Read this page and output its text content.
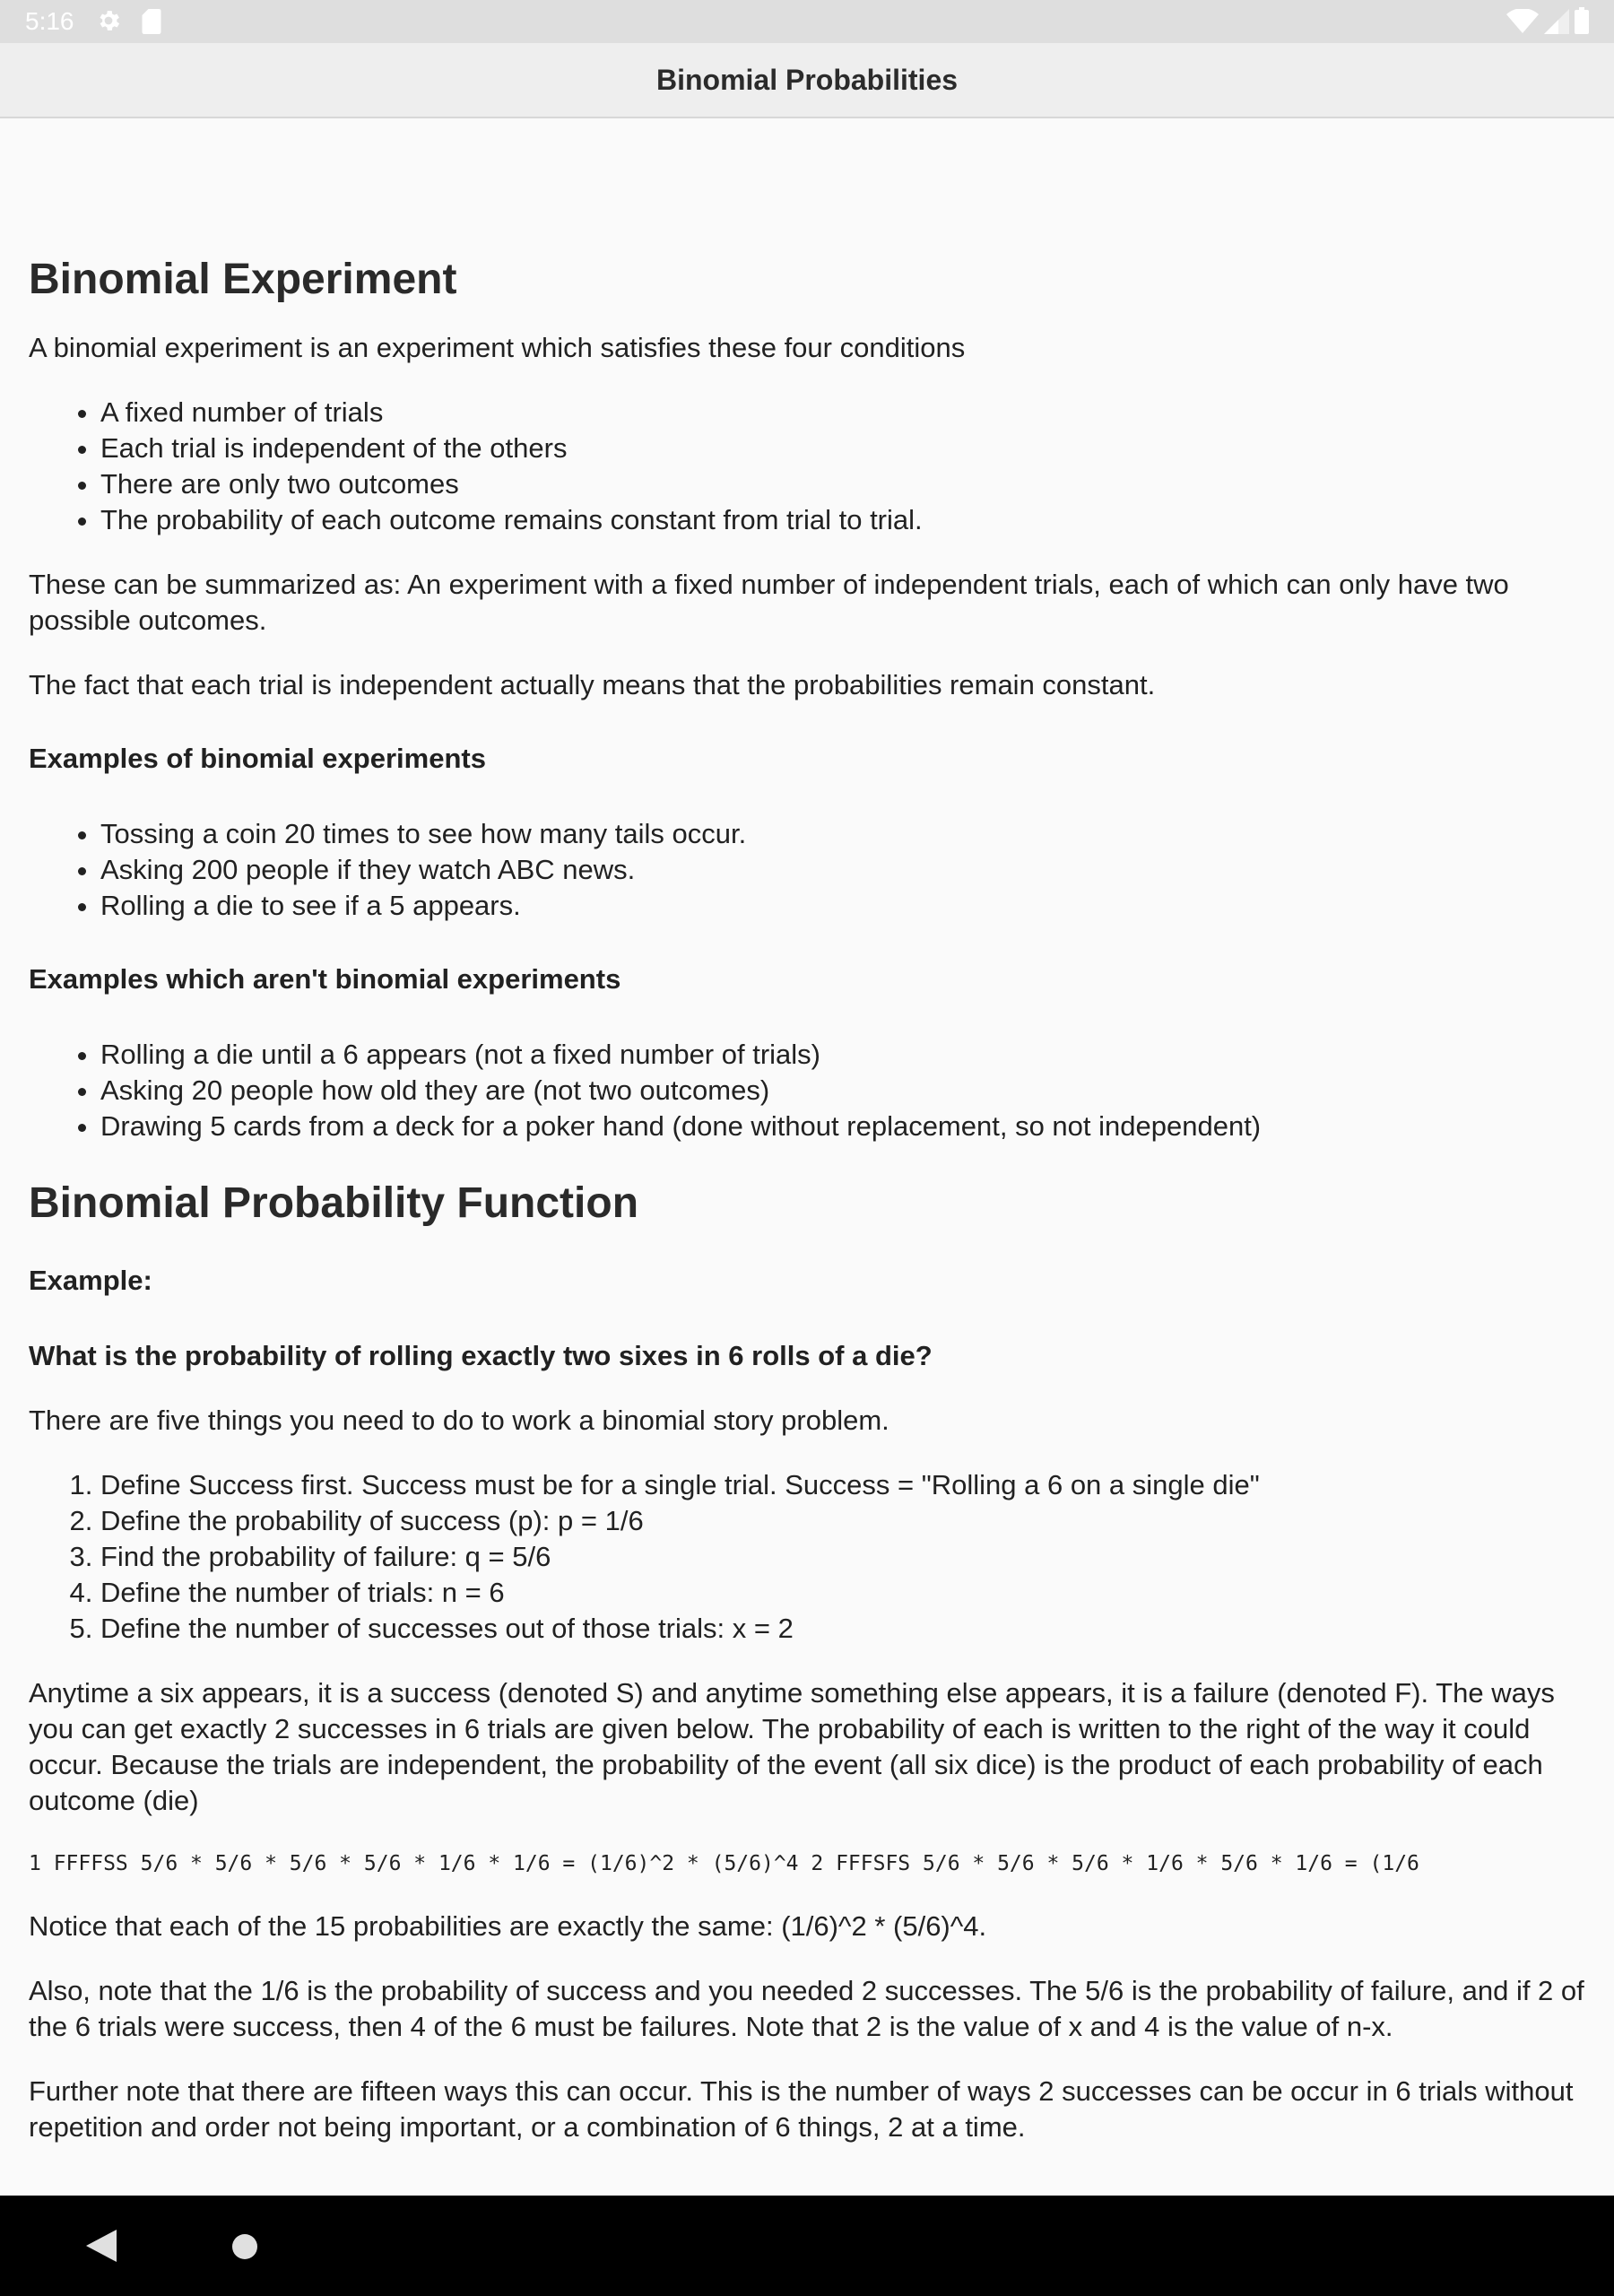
5:16
Binomial Probabilities
Binomial Experiment

A binomial experiment is an experiment which satisfies these four conditions

• A fixed number of trials
• Each trial is independent of the others
• There are only two outcomes
• The probability of each outcome remains constant from trial to trial.

These can be summarized as: An experiment with a fixed number of independent trials, each of which can only have two possible outcomes.

The fact that each trial is independent actually means that the probabilities remain constant.

Examples of binomial experiments

• Tossing a coin 20 times to see how many tails occur.
• Asking 200 people if they watch ABC news.
• Rolling a die to see if a 5 appears.

Examples which aren't binomial experiments

• Rolling a die until a 6 appears (not a fixed number of trials)
• Asking 20 people how old they are (not two outcomes)
• Drawing 5 cards from a deck for a poker hand (done without replacement, so not independent)
Binomial Probability Function

Example:

What is the probability of rolling exactly two sixes in 6 rolls of a die?

There are five things you need to do to work a binomial story problem.

1. Define Success first. Success must be for a single trial. Success = "Rolling a 6 on a single die"
2. Define the probability of success (p): p = 1/6
3. Find the probability of failure: q = 5/6
4. Define the number of trials: n = 6
5. Define the number of successes out of those trials: x = 2

Anytime a six appears, it is a success (denoted S) and anytime something else appears, it is a failure (denoted F). The ways you can get exactly 2 successes in 6 trials are given below. The probability of each is written to the right of the way it could occur. Because the trials are independent, the probability of the event (all six dice) is the product of each probability of each outcome (die)

1 FFFFSS 5/6 * 5/6 * 5/6 * 5/6 * 1/6 * 1/6 = (1/6)^2 * (5/6)^4 2 FFFSFS 5/6 * 5/6 * 5/6 * 1/6 * 5/6 * 1/6 = (1/6

Notice that each of the 15 probabilities are exactly the same: (1/6)^2 * (5/6)^4.

Also, note that the 1/6 is the probability of success and you needed 2 successes. The 5/6 is the probability of failure, and if 2 of the 6 trials were success, then 4 of the 6 must be failures. Note that 2 is the value of x and 4 is the value of n-x.

Further note that there are fifteen ways this can occur. This is the number of ways 2 successes can be occur in 6 trials without repetition and order not being important, or a combination of 6 things, 2 at a time.
